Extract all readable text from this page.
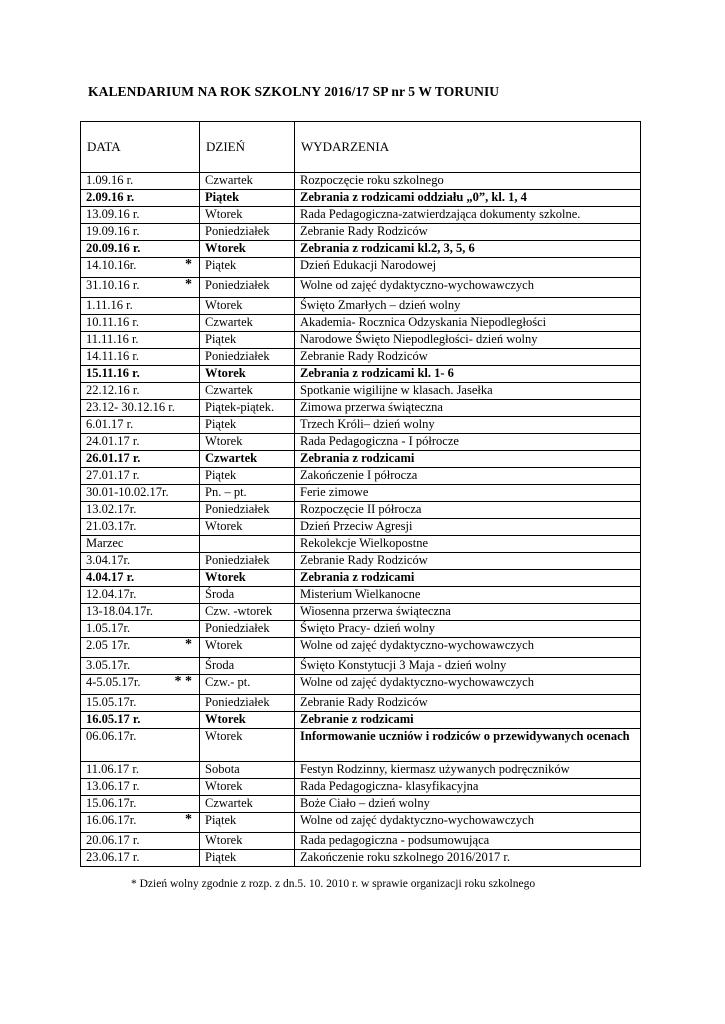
KALENDARIUM NA ROK SZKOLNY 2016/17 SP nr 5 W TORUNIU
DATA	DZIEŃ	WYDARZENIA

1.09.16 r.	Czwartek	Rozpoczęcie roku szkolnego

2.09.16 r.	Piątek	Zebrania z rodzicami oddziału „0”, kl. 1, 4

13.09.16 r.	Wtorek	Rada Pedagogiczna-zatwierdzająca dokumenty szkolne.

19.09.16 r.	Poniedziałek	Zebranie Rady Rodziców

20.09.16 r.	Wtorek	Zebrania z rodzicami kl.2, 3, 5, 6

14.10.16r. *	Piątek	Dzień Edukacji Narodowej

31.10.16 r. *	Poniedziałek	Wolne od zajęć dydaktyczno-wychowawczych

1.11.16 r.	Wtorek	Święto Zmarłych – dzień wolny

10.11.16 r.	Czwartek	Akademia- Rocznica Odzyskania Niepodległości

11.11.16 r.	Piątek	Narodowe Święto Niepodległości- dzień wolny

14.11.16 r.	Poniedziałek	Zebranie Rady Rodziców

15.11.16 r.	Wtorek	Zebrania z rodzicami kl. 1- 6

22.12.16 r.	Czwartek	Spotkanie wigilijne w klasach. Jasełka

23.12- 30.12.16 r.	Piątek-piątek.	Zimowa przerwa świąteczna

6.01.17 r.	Piątek	Trzech Króli– dzień wolny

24.01.17 r.	Wtorek	Rada Pedagogiczna - I półrocze

26.01.17 r.	Czwartek	Zebrania z rodzicami

27.01.17 r.	Piątek	Zakończenie I półrocza

30.01-10.02.17r.	Pn. – pt.	Ferie zimowe

13.02.17r.	Poniedziałek	Rozpoczęcie II półrocza

21.03.17r.	Wtorek	Dzień Przeciw Agresji

Marzec		Rekolekcje Wielkopostne

3.04.17r.	Poniedziałek	Zebranie Rady Rodziców

4.04.17 r.	Wtorek	Zebrania z rodzicami

12.04.17r.	Środa	Misterium Wielkanocne

13-18.04.17r.	Czw. -wtorek	Wiosenna przerwa świąteczna

1.05.17r.	Poniedziałek	Święto Pracy- dzień wolny

2.05 17r. *	Wtorek	Wolne od zajęć dydaktyczno-wychowawczych

3.05.17r.	Środa	Święto Konstytucji 3 Maja - dzień wolny

4-5.05.17r. * *	Czw.- pt.	Wolne od zajęć dydaktyczno-wychowawczych

15.05.17r.	Poniedziałek	Zebranie Rady Rodziców

16.05.17 r.	Wtorek	Zebranie z rodzicami

06.06.17r.	Wtorek	Informowanie uczniów i rodziców o przewidywanych ocenach

11.06.17 r.	Sobota	Festyn Rodzinny, kiermasz używanych podręczników

13.06.17 r.	Wtorek	Rada Pedagogiczna- klasyfikacyjna

15.06.17r.	Czwartek	Boże Ciało – dzień wolny

16.06.17r. *	Piątek	Wolne od zajęć dydaktyczno-wychowawczych

20.06.17 r.	Wtorek	Rada pedagogiczna - podsumowująca

23.06.17 r.	Piątek	Zakończenie roku szkolnego 2016/2017 r.
* Dzień wolny zgodnie z rozp. z dn.5. 10. 2010 r. w sprawie organizacji roku szkolnego
